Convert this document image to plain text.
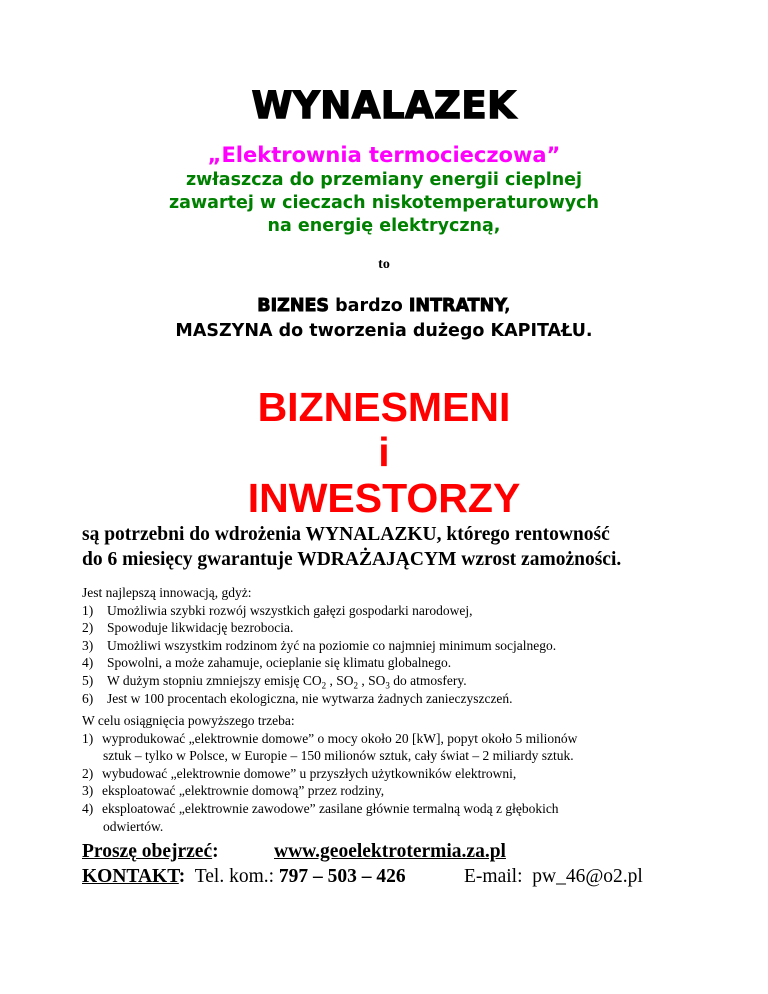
WYNALAZEK
„Elektrownia termocieczowa”
zwłaszcza do przemiany energii cieplnej
zawartej w cieczach niskotemperaturowych
na energię elektryczną,
to
BIZNES bardzo INTRATNY,
MASZYNA do tworzenia dużego KAPITAŁU.
BIZNESMENI
i
INWESTORZY
są potrzebni do wdrożenia WYNALAZKU, którego rentowność
do 6 miesięcy gwarantuje WDRAŻAJĄCYM wzrost zamożności.
Jest najlepszą innowacją, gdyż:
1)	Umożliwia szybki rozwój wszystkich gałęzi gospodarki narodowej,
2)	Spowoduje likwidację bezrobocia.
3)	Umożliwi wszystkim rodzinom żyć na poziomie co najmniej minimum socjalnego.
4)	Spowolni, a może zahamuje, ocieplanie się klimatu globalnego.
5)	W dużym stopniu zmniejszy emisję $CO_2$ , $SO_2$ , $SO_3$ do atmosfery.
6)	Jest w 100 procentach ekologiczna, nie wytwarza żadnych zanieczyszczeń.
W celu osiągnięcia powyższego trzeba:
1) wyprodukować „elektrownie domowe” o mocy około 20 [kW], popyt około 5 milionów
sztuk – tylko w Polsce, w Europie – 150 milionów sztuk, cały świat – 2 miliardy sztuk.
2) wybudować „elektrownie domowe” u przyszłych użytkowników elektrowni,
3) eksploatować „elektrownie domową” przez rodziny,
4) eksploatować „elektrownie zawodowe” zasilane głównie termalną wodą z głębokich
odwiertów.
Proszę obejrzeć:	www.geoelektrotermia.za.pl
KONTAKT:  Tel. kom.: 797 – 503 – 426	E-mail:  pw_46@o2.pl
